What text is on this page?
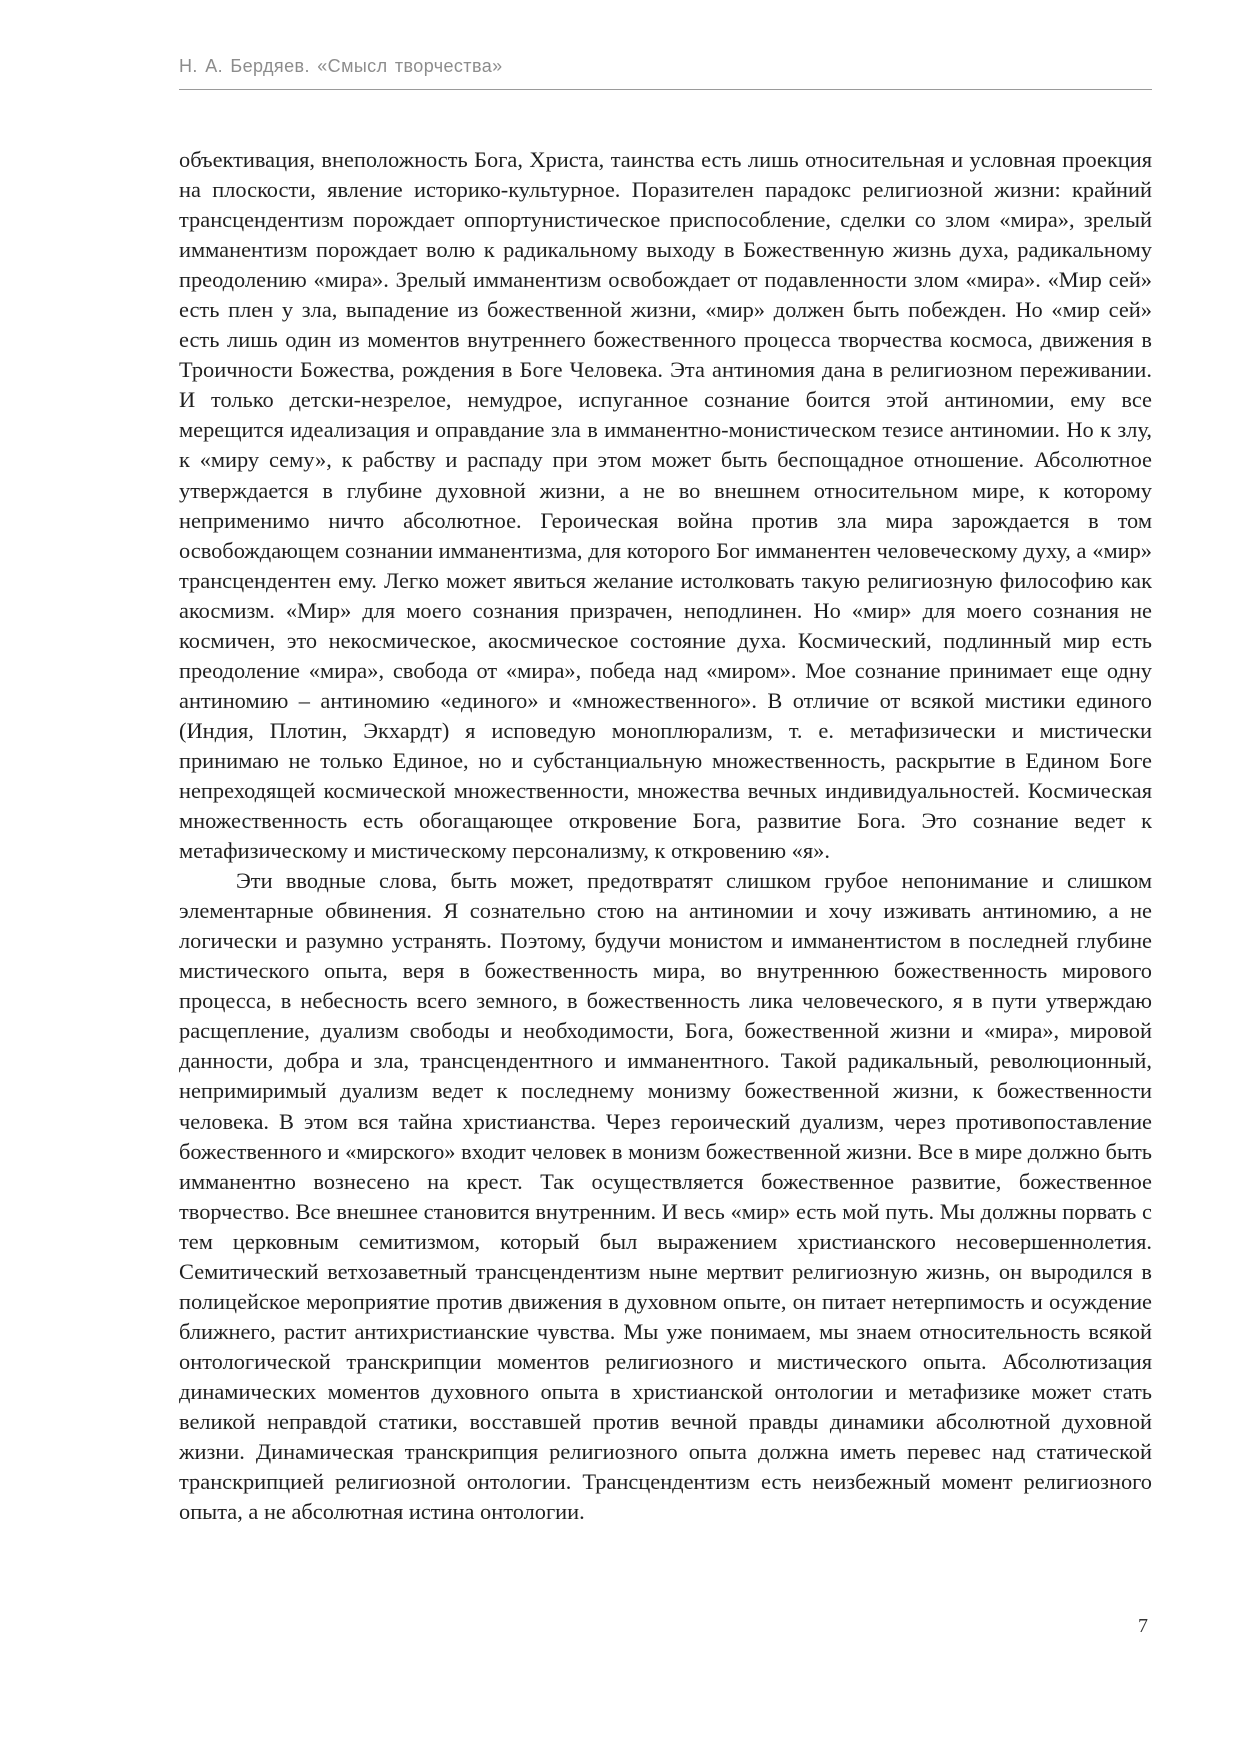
Н. А. Бердяев. «Смысл творчества»

объективация, внеположность Бога, Христа, таинства есть лишь относительная и условная проекция на плоскости, явление историко-культурное. Поразителен парадокс религиозной жизни: крайний трансцендентизм порождает оппортунистическое приспособление, сделки со злом «мира», зрелый имманентизм порождает волю к радикальному выходу в Божественную жизнь духа, радикальному преодолению «мира». Зрелый имманентизм освобождает от подавленности злом «мира». «Мир сей» есть плен у зла, выпадение из божественной жизни, «мир» должен быть побежден. Но «мир сей» есть лишь один из моментов внутреннего божественного процесса творчества космоса, движения в Троичности Божества, рождения в Боге Человека. Эта антиномия дана в религиозном переживании. И только детски-незрелое, немудрое, испуганное сознание боится этой антиномии, ему все мерещится идеализация и оправдание зла в имманентно-монистическом тезисе антиномии. Но к злу, к «миру сему», к рабству и распаду при этом может быть беспощадное отношение. Абсолютное утверждается в глубине духовной жизни, а не во внешнем относительном мире, к которому неприменимо ничто абсолютное. Героическая война против зла мира зарождается в том освобождающем сознании имманентизма, для которого Бог имманентен человеческому духу, а «мир» трансцендентен ему. Легко может явиться желание истолковать такую религиозную философию как акосмизм. «Мир» для моего сознания призрачен, неподлинен. Но «мир» для моего сознания не космичен, это некосмическое, акосмическое состояние духа. Космический, подлинный мир есть преодоление «мира», свобода от «мира», победа над «миром». Мое сознание принимает еще одну антиномию – антиномию «единого» и «множественного». В отличие от всякой мистики единого (Индия, Плотин, Экхардт) я исповедую моноплюрализм, т. е. метафизически и мистически принимаю не только Единое, но и субстанциальную множественность, раскрытие в Едином Боге непреходящей космической множественности, множества вечных индивидуальностей. Космическая множественность есть обогащающее откровение Бога, развитие Бога. Это сознание ведет к метафизическому и мистическому персонализму, к откровению «я».

Эти вводные слова, быть может, предотвратят слишком грубое непонимание и слишком элементарные обвинения. Я сознательно стою на антиномии и хочу изживать антиномию, а не логически и разумно устранять. Поэтому, будучи монистом и имманентистом в последней глубине мистического опыта, веря в божественность мира, во внутреннюю божественность мирового процесса, в небесность всего земного, в божественность лика человеческого, я в пути утверждаю расщепление, дуализм свободы и необходимости, Бога, божественной жизни и «мира», мировой данности, добра и зла, трансцендентного и имманентного. Такой радикальный, революционный, непримиримый дуализм ведет к последнему монизму божественной жизни, к божественности человека. В этом вся тайна христианства. Через героический дуализм, через противопоставление божественного и «мирского» входит человек в монизм божественной жизни. Все в мире должно быть имманентно вознесено на крест. Так осуществляется божественное развитие, божественное творчество. Все внешнее становится внутренним. И весь «мир» есть мой путь. Мы должны порвать с тем церковным семитизмом, который был выражением христианского несовершеннолетия. Семитический ветхозаветный трансцендентизм ныне мертвит религиозную жизнь, он выродился в полицейское мероприятие против движения в духовном опыте, он питает нетерпимость и осуждение ближнего, растит антихристианские чувства. Мы уже понимаем, мы знаем относительность всякой онтологической транскрипции моментов религиозного и мистического опыта. Абсолютизация динамических моментов духовного опыта в христианской онтологии и метафизике может стать великой неправдой статики, восставшей против вечной правды динамики абсолютной духовной жизни. Динамическая транскрипция религиозного опыта должна иметь перевес над статической транскрипцией религиозной онтологии. Трансцендентизм есть неизбежный момент религиозного опыта, а не абсолютная истина онтологии.

7
